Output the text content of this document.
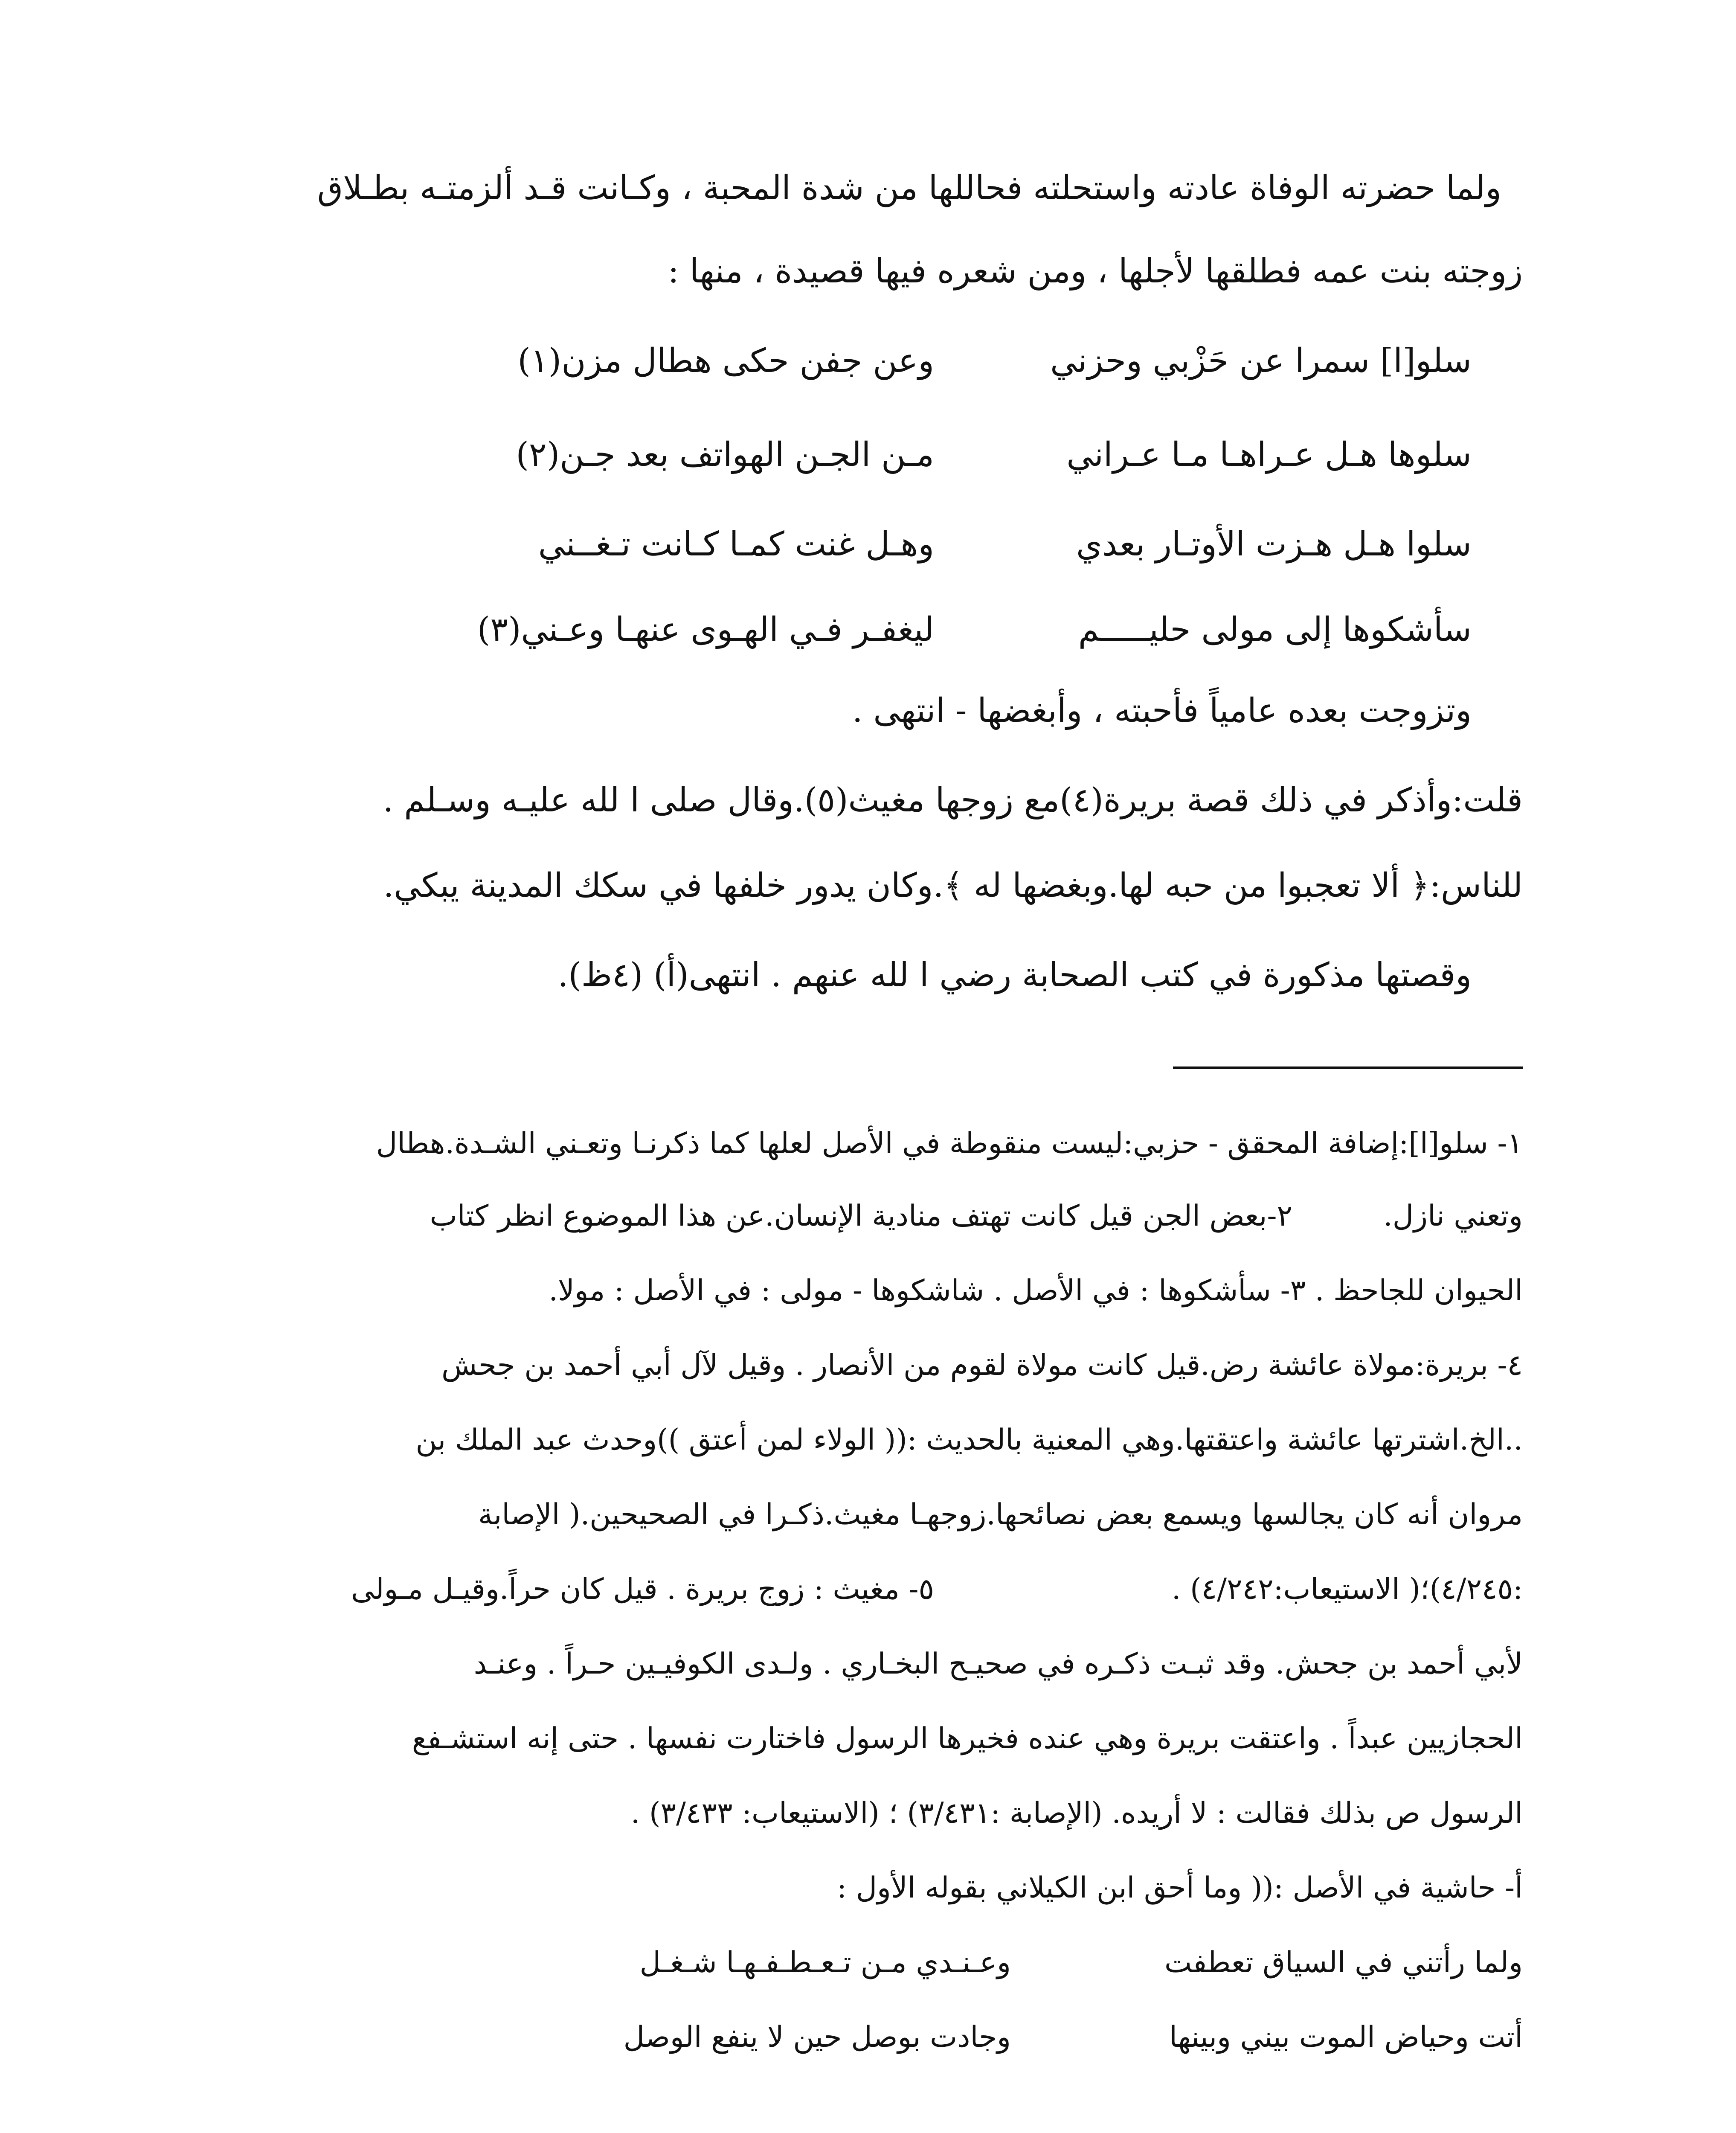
ولما حضرته الوفاة عادته واستحلته فحاللها من شدة المحبة ، وكـانت قـد ألزمتـه بطـلاق
زوجته بنت عمه فطلقها لأجلها ، ومن شعره فيها قصيدة ، منها :
سلو[ا] سمرا عن حَزْبي وحزني
وعن جفن حكى هطال مزن(١)
سلوها هـل عـراهـا مـا عـراني
مـن الجـن الهواتف بعد جـن(٢)
سلوا هـل هـزت الأوتـار بعدي
وهـل غنت كمـا كـانت تـغــني
سأشكوها إلى مولى حليـــــم
ليغفـر فـي الهـوى عنهـا وعـني(٣)
وتزوجت بعده عامياً فأحبته ، وأبغضها - انتهى .
قلت:وأذكر في ذلك قصة بريرة(٤)مع زوجها مغيث(٥).وقال صلى ا لله عليـه وسـلم .
للناس:﴿ ألا تعجبوا من حبه لها.وبغضها له ﴾.وكان يدور خلفها في سكك المدينة يبكي.
وقصتها مذكورة في كتب الصحابة رضي ا لله عنهم . انتهى(أ) (٤ظ).
١- سلو[ا]:إضافة المحقق - حزبي:ليست منقوطة في الأصل لعلها كما ذكرنـا وتعـني الشـدة.هطال
وتعني نازل.
٢-بعض الجن قيل كانت تهتف منادية الإنسان.عن هذا الموضوع انظر كتاب
الحيوان للجاحظ . ٣- سأشكوها : في الأصل . شاشكوها - مولى : في الأصل : مولا.
٤- بريرة:مولاة عائشة رض.قيل كانت مولاة لقوم من الأنصار . وقيل لآل أبي أحمد بن جحش
..الخ.اشترتها عائشة واعتقتها.وهي المعنية بالحديث :(( الولاء لمن أعتق ))وحدث عبد الملك بن
مروان أنه كان يجالسها ويسمع بعض نصائحها.زوجهـا مغيث.ذكـرا في الصحيحين.( الإصابة
:٤/٢٤٥)؛( الاستيعاب:٤/٢٤٢) .
٥- مغيث : زوج بريرة . قيل كان حراً.وقيـل مـولى
لأبي أحمد بن جحش. وقد ثبـت ذكـره في صحيـح البخـاري . ولـدى الكوفيـين حـراً . وعنـد
الحجازيين عبداً . واعتقت بريرة وهي عنده فخيرها الرسول فاختارت نفسها . حتى إنه استشـفع
الرسول ص بذلك فقالت : لا أريده. (الإصابة :٣/٤٣١) ؛ (الاستيعاب: ٣/٤٣٣) .
أ- حاشية في الأصل :(( وما أحق ابن الكيلاني بقوله الأول :
ولما رأتني في السياق تعطفت
وعـنـدي مـن تـعـطـفـهـا شـغـل
أتت وحياض الموت بيني وبينها
وجادت بوصل حين لا ينفع الوصل
